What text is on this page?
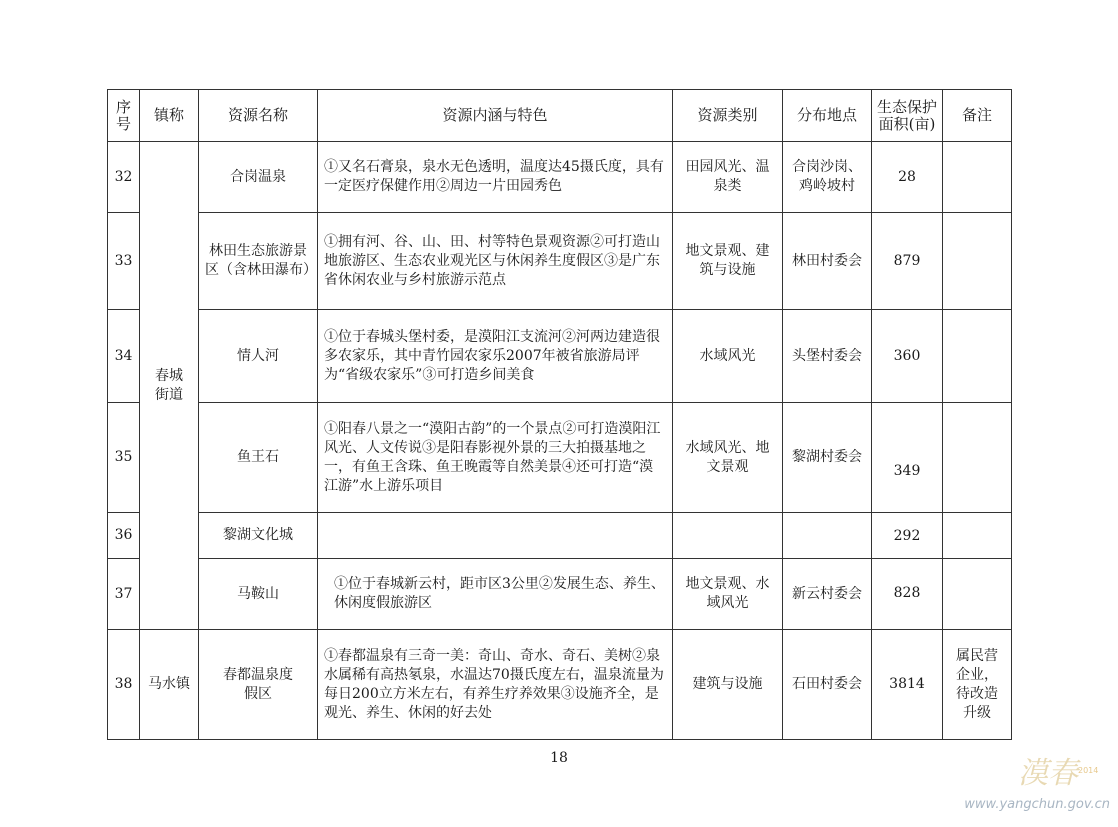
序号	镇称	资源名称	资源内涵与特色	资源类别	分布地点	生态保护面积(亩)	备注
32	春城街道	合岗温泉	①又名石膏泉，泉水无色透明，温度达45摄氏度，具有一定医疗保健作用②周边一片田园秀色	田园风光、温泉类	合岗沙岗、鸡岭坡村	28	
33		林田生态旅游景区（含林田瀑布）	①拥有河、谷、山、田、村等特色景观资源②可打造山地旅游区、生态农业观光区与休闲养生度假区③是广东省休闲农业与乡村旅游示范点	地文景观、建筑与设施	林田村委会	879	
34		情人河	①位于春城头堡村委，是漠阳江支流河②河两边建造很多农家乐，其中青竹园农家乐2007年被省旅游局评为“省级农家乐”③可打造乡间美食	水域风光	头堡村委会	360	
35		鱼王石	①阳春八景之一“漠阳古韵”的一个景点②可打造漠阳江风光、人文传说③是阳春影视外景的三大拍摄基地之一，有鱼王含珠、鱼王晚霞等自然美景④还可打造“漠江游”水上游乐项目	水域风光、地文景观	黎湖村委会	349	
36		黎湖文化城				292	
37		马鞍山	①位于春城新云村，距市区3公里②发展生态、养生、休闲度假旅游区	地文景观、水域风光	新云村委会	828	
38	马水镇	春都温泉度假区	①春都温泉有三奇一美：奇山、奇水、奇石、美树②泉水属稀有高热氡泉，水温达70摄氏度左右，温泉流量为每日200立方米左右，有养生疗养效果③设施齐全，是观光、养生、休闲的好去处	建筑与设施	石田村委会	3814	属民营企业，待改造升级
18	漠春 2014
www.yangchun.gov.cn
